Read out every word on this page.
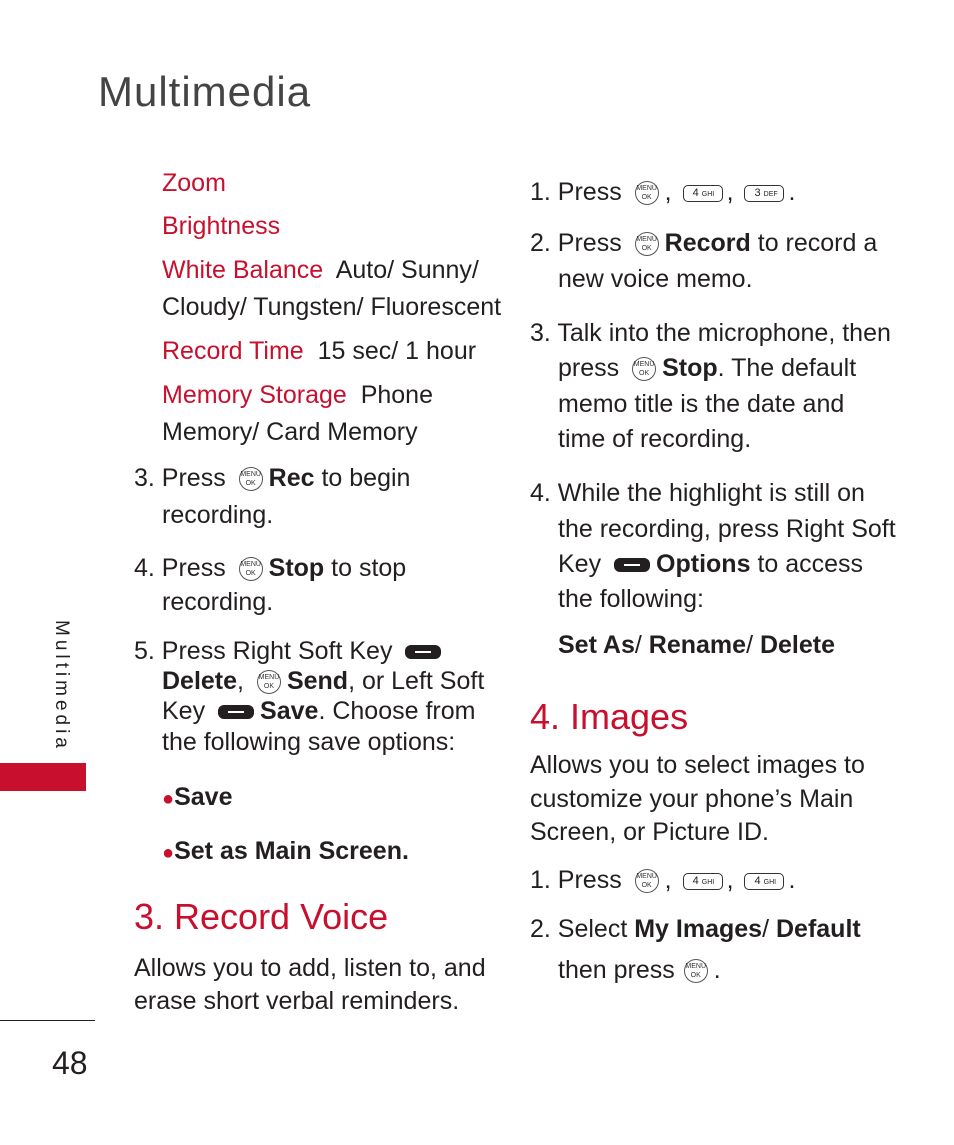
Multimedia
Multimedia
48
Zoom
Brightness
White Balance Auto/ Sunny/
Cloudy/ Tungsten/ Fluorescent
Record Time 15 sec/ 1 hour
Memory Storage Phone
Memory/ Card Memory
3. Press MENU
OK Rec to begin
recording.
4. Press MENU
OK Stop to stop
recording.
5. Press Right Soft Key
Delete, MENU
OK Send, or Left Soft
Key Save. Choose from
the following save options:
●Save
●Set as Main Screen.
3. Record Voice
Allows you to add, listen to, and
erase short verbal reminders.
1. Press MENU
OK , 4 GHI , 3 DEF .
2. Press MENU
OK Record to record a
new voice memo.
3. Talk into the microphone, then
press MENU
OK Stop. The default
memo title is the date and
time of recording.
4. While the highlight is still on
the recording, press Right Soft
Key Options to access
the following:
Set As/ Rename/ Delete
4. Images
Allows you to select images to
customize your phone’s Main
Screen, or Picture ID.
1. Press MENU
OK , 4 GHI , 4 GHI .
2. Select My Images/ Default
then press MENU
OK .
